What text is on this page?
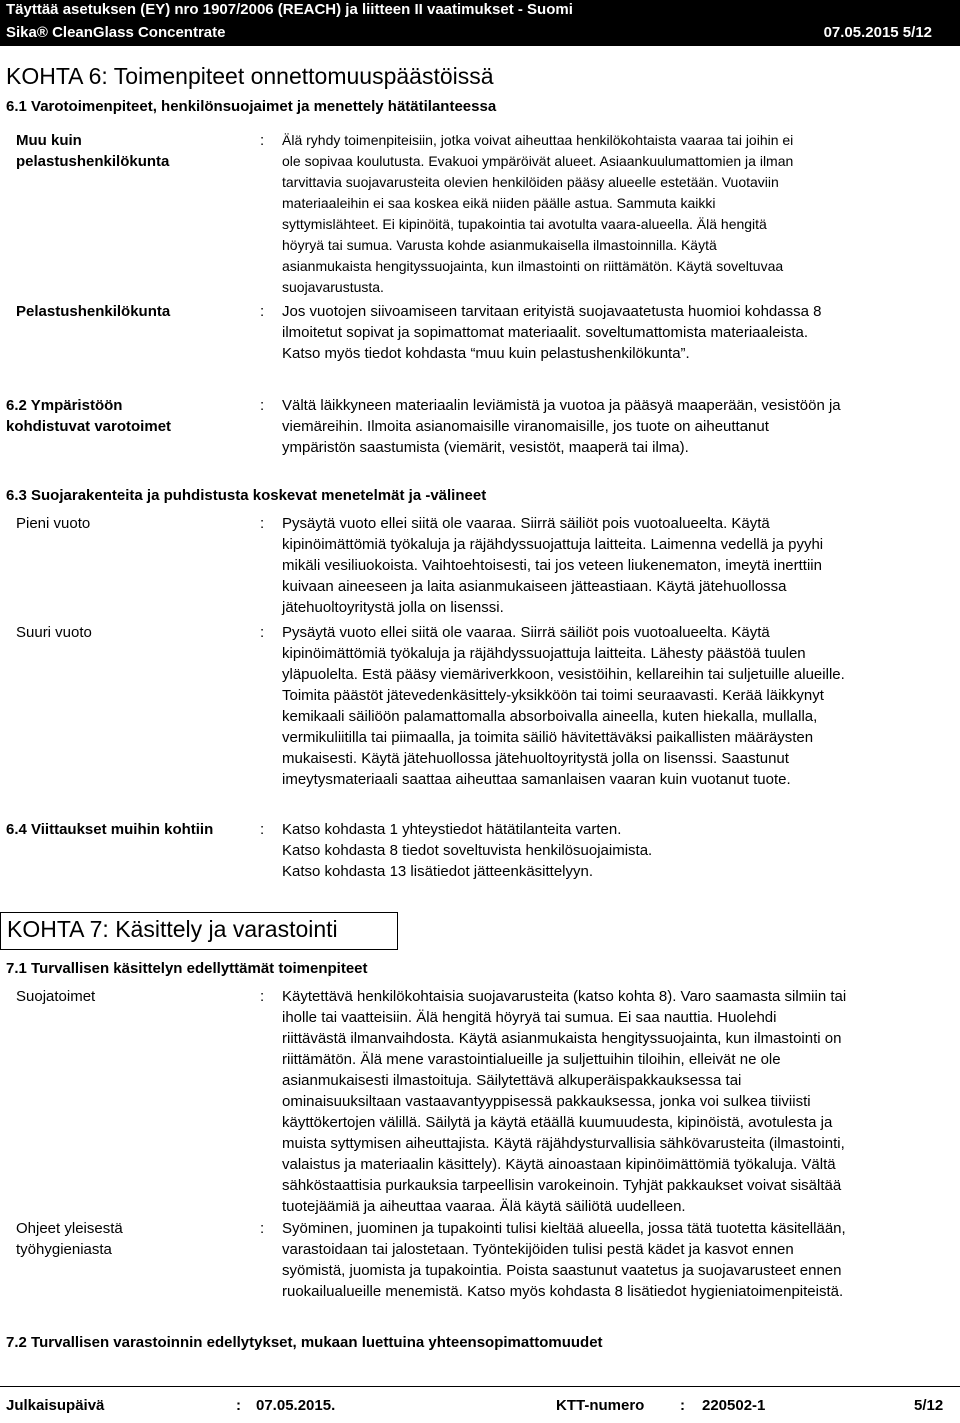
Täyttää asetuksen (EY) nro 1907/2006 (REACH) ja liitteen II vaatimukset - Suomi
Sika® CleanGlass Concentrate	07.05.2015 5/12
KOHTA 6: Toimenpiteet onnettomuuspäästöissä
6.1 Varotoimenpiteet, henkilönsuojaimet ja menettely hätätilanteessa
Muu kuin
pelastushenkilökunta
: Älä ryhdy toimenpiteisiin, jotka voivat aiheuttaa henkilökohtaista vaaraa tai joihin ei
ole sopivaa koulutusta. Evakuoi ympäröivät alueet. Asiaankuulumattomien ja ilman
tarvittavia suojavarusteita olevien henkilöiden pääsy alueelle estetään. Vuotaviin
materiaaleihin ei saa koskea eikä niiden päälle astua. Sammuta kaikki
syttymislähteet. Ei kipinöitä, tupakointia tai avotulta vaara-alueella. Älä hengitä
höyryä tai sumua. Varusta kohde asianmukaisella ilmastoinnilla. Käytä
asianmukaista hengityssuojainta, kun ilmastointi on riittämätön. Käytä soveltuvaa
suojavarustusta.
Pelastushenkilökunta	: Jos vuotojen siivoamiseen tarvitaan erityistä suojavaatetusta huomioi kohdassa 8
ilmoitetut sopivat ja sopimattomat materiaalit. soveltumattomista materiaaleista.
Katso myös tiedot kohdasta “muu kuin pelastushenkilökunta”.
6.2 Ympäristöön
kohdistuvat varotoimet
: Vältä läikkyneen materiaalin leviämistä ja vuotoa ja pääsyä maaperään, vesistöön ja
viemäreihin. Ilmoita asianomaisille viranomaisille, jos tuote on aiheuttanut
ympäristön saastumista (viemärit, vesistöt, maaperä tai ilma).
6.3 Suojarakenteita ja puhdistusta koskevat menetelmät ja -välineet
Pieni vuoto	: Pysäytä vuoto ellei siitä ole vaaraa. Siirrä säiliöt pois vuotoalueelta. Käytä
kipinöimättömiä työkaluja ja räjähdyssuojattuja laitteita. Laimenna vedellä ja pyyhi
mikäli vesiliuokoista. Vaihtoehtoisesti, tai jos veteen liukenematon, imeytä inerttiin
kuivaan aineeseen ja laita asianmukaiseen jätteastiaan. Käytä jätehuollossa
jätehuoltoyritystä jolla on lisenssi.
Suuri vuoto	: Pysäytä vuoto ellei siitä ole vaaraa. Siirrä säiliöt pois vuotoalueelta. Käytä
kipinöimättömiä työkaluja ja räjähdyssuojattuja laitteita. Lähesty päästöä tuulen
yläpuolelta. Estä pääsy viemäriverkkoon, vesistöihin, kellareihin tai suljetuille alueille.
Toimita päästöt jätevedenkäsittely-yksikköön tai toimi seuraavasti. Kerää läikkynyt
kemikaali säiliöön palamattomalla absorboivalla aineella, kuten hiekalla, mullalla,
vermikuliitilla tai piimaalla, ja toimita säiliö hävitettäväksi paikallisten määräysten
mukaisesti. Käytä jätehuollossa jätehuoltoyritystä jolla on lisenssi. Saastunut
imeytysmateriaali saattaa aiheuttaa samanlaisen vaaran kuin vuotanut tuote.
6.4 Viittaukset muihin kohtiin	: Katso kohdasta 1 yhteystiedot hätätilanteita varten.
Katso kohdasta 8 tiedot soveltuvista henkilösuojaimista.
Katso kohdasta 13 lisätiedot jätteenkäsittelyyn.
KOHTA 7: Käsittely ja varastointi
7.1 Turvallisen käsittelyn edellyttämät toimenpiteet
Suojatoimet	: Käytettävä henkilökohtaisia suojavarusteita (katso kohta 8). Varo saamasta silmiin tai
iholle tai vaatteisiin. Älä hengitä höyryä tai sumua. Ei saa nauttia. Huolehdi
riittävästä ilmanvaihdosta. Käytä asianmukaista hengityssuojainta, kun ilmastointi on
riittämätön. Älä mene varastointialueille ja suljettuihin tiloihin, elleivät ne ole
asianmukaisesti ilmastoituja. Säilytettävä alkuperäispakkauksessa tai
ominaisuuksiltaan vastaavantyyppisessä pakkauksessa, jonka voi sulkea tiiviisti
käyttökertojen välillä. Säilytä ja käytä etäällä kuumuudesta, kipinöistä, avotulesta ja
muista syttymisen aiheuttajista. Käytä räjähdysturvallisia sähkövarusteita (ilmastointi,
valaistus ja materiaalin käsittely). Käytä ainoastaan kipinöimättömiä työkaluja. Vältä
sähköstaattisia purkauksia tarpeellisin varokeinoin. Tyhjät pakkaukset voivat sisältää
tuotejäämiä ja aiheuttaa vaaraa. Älä käytä säiliötä uudelleen.
Ohjeet yleisestä
työhygieniasta
: Syöminen, juominen ja tupakointi tulisi kieltää alueella, jossa tätä tuotetta käsitellään,
varastoidaan tai jalostetaan. Työntekijöiden tulisi pestä kädet ja kasvot ennen
syömistä, juomista ja tupakointia. Poista saastunut vaatetus ja suojavarusteet ennen
ruokailualueille menemistä. Katso myös kohdasta 8 lisätiedot hygieniatoimenpiteistä.
7.2 Turvallisen varastoinnin edellytykset, mukaan luettuina yhteensopimattomuudet
Julkaisupäivä	: 07.05.2015.	KTT-numero : 220502-1	5/12
